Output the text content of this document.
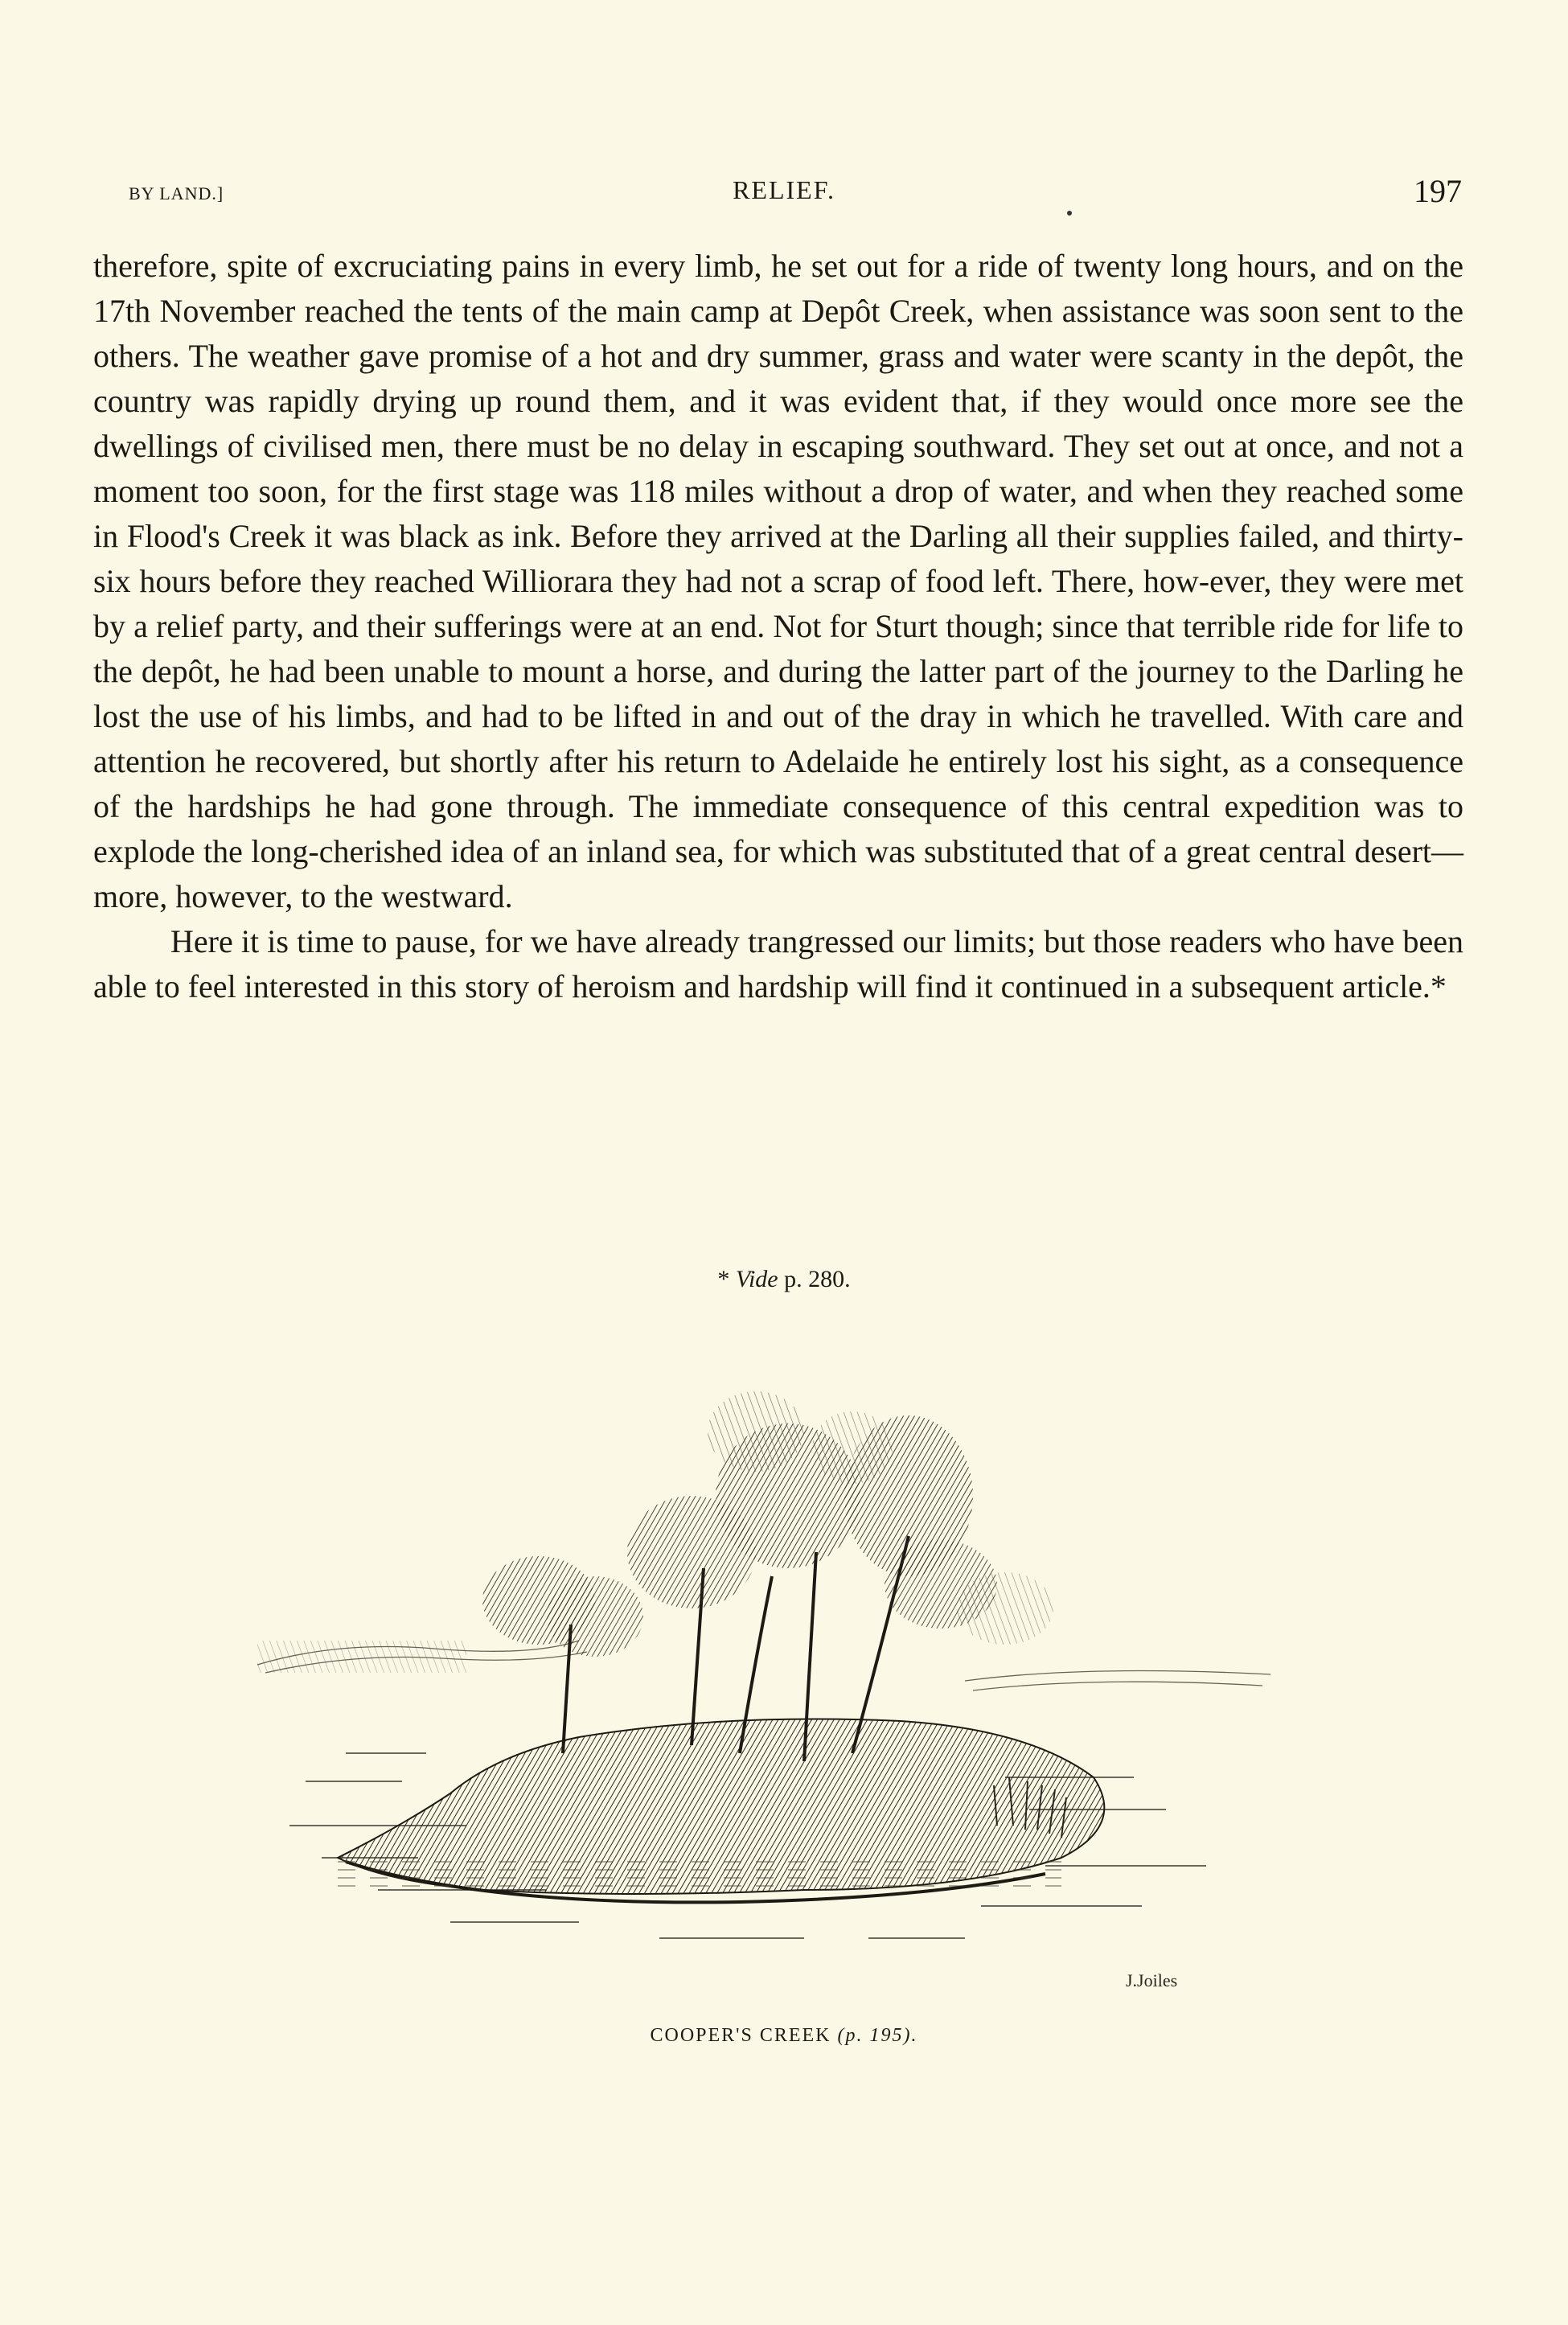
BY LAND.]	RELIEF.	197

therefore, spite of excruciating pains in every limb, he set out for a ride of twenty long hours, and on the 17th November reached the tents of the main camp at Depôt Creek, when assistance was soon sent to the others. The weather gave promise of a hot and dry summer, grass and water were scanty in the depôt, the country was rapidly drying up round them, and it was evident that, if they would once more see the dwellings of civilised men, there must be no delay in escaping southward. They set out at once, and not a moment too soon, for the first stage was 118 miles without a drop of water, and when they reached some in Flood's Creek it was black as ink. Before they arrived at the Darling all their supplies failed, and thirty-six hours before they reached Williorara they had not a scrap of food left. There, how-ever, they were met by a relief party, and their sufferings were at an end. Not for Sturt though; since that terrible ride for life to the depôt, he had been unable to mount a horse, and during the latter part of the journey to the Darling he lost the use of his limbs, and had to be lifted in and out of the dray in which he travelled. With care and attention he recovered, but shortly after his return to Adelaide he entirely lost his sight, as a consequence of the hardships he had gone through. The immediate consequence of this central expedition was to explode the long-cherished idea of an inland sea, for which was substituted that of a great central desert—more, however, to the westward.

Here it is time to pause, for we have already trangressed our limits; but those readers who have been able to feel interested in this story of heroism and hardship will find it continued in a subsequent article.*

* Vide p. 280.
J.Joiles
COOPER'S CREEK (p. 195).
